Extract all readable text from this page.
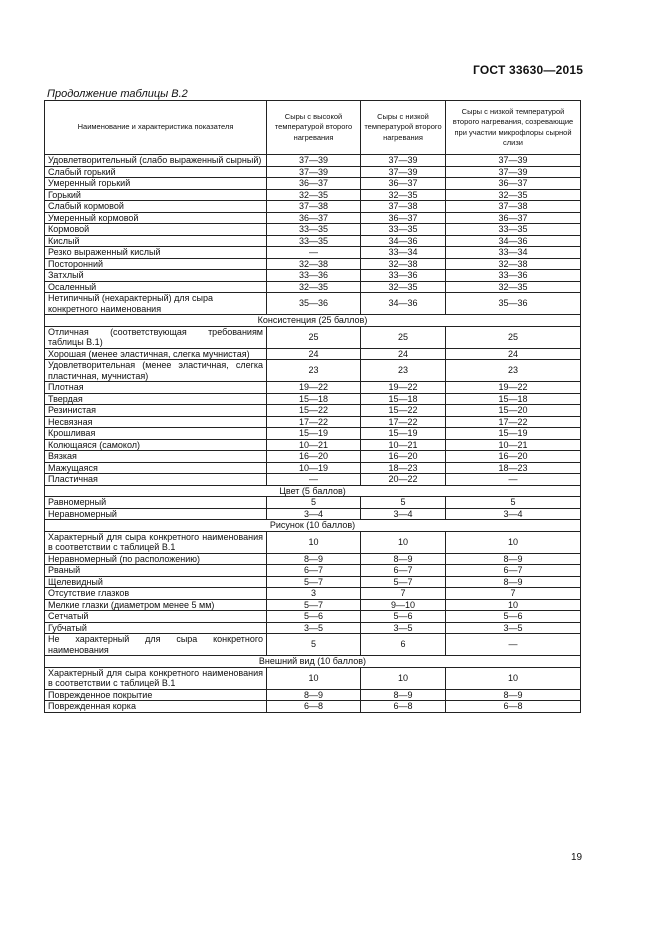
ГОСТ 33630—2015
Продолжение таблицы В.2
Наименование и характеристика показателя	Сыры с высокой температурой второго нагревания	Сыры с низкой температурой второго нагревания	Сыры с низкой температурой второго нагревания, созревающие при участии микрофлоры сырной слизи
Удовлетворительный (слабо выраженный сырный)	37—39	37—39	37—39
Слабый горький	37—39	37—39	37—39
Умеренный горький	36—37	36—37	36—37
Горький	32—35	32—35	32—35
Слабый кормовой	37—38	37—38	37—38
Умеренный кормовой	36—37	36—37	36—37
Кормовой	33—35	33—35	33—35
Кислый	33—35	34—36	34—36
Резко выраженный кислый	—	33—34	33—34
Посторонний	32—38	32—38	32—38
Затхлый	33—36	33—36	33—36
Осаленный	32—35	32—35	32—35
Нетипичный (нехарактерный) для сыра конкретного наименования	35—36	34—36	35—36
Консистенция (25 баллов)			
Отличная (соответствующая требованиям таблицы В.1)	25	25	25
Хорошая (менее эластичная, слегка мучнистая)	24	24	24
Удовлетворительная (менее эластичная, слегка пластичная, мучнистая)	23	23	23
Плотная	19—22	19—22	19—22
Твердая	15—18	15—18	15—18
Резинистая	15—22	15—22	15—20
Несвязная	17—22	17—22	17—22
Крошливая	15—19	15—19	15—19
Колющаяся (самокол)	10—21	10—21	10—21
Вязкая	16—20	16—20	16—20
Мажущаяся	10—19	18—23	18—23
Пластичная	—	20—22	—
Цвет (5 баллов)			
Равномерный	5	5	5
Неравномерный	3—4	3—4	3—4
Рисунок (10 баллов)			
Характерный для сыра конкретного наименования в соответствии с таблицей В.1	10	10	10
Неравномерный (по расположению)	8—9	8—9	8—9
Рваный	6—7	6—7	6—7
Щелевидный	5—7	5—7	8—9
Отсутствие глазков	3	7	7
Мелкие глазки (диаметром менее 5 мм)	5—7	9—10	10
Сетчатый	5—6	5—6	5—6
Губчатый	3—5	3—5	3—5
Не характерный для сыра конкретного наименования	5	6	—
Внешний вид (10 баллов)			
Характерный для сыра конкретного наименования в соответствии с таблицей В.1	10	10	10
Поврежденное покрытие	8—9	8—9	8—9
Поврежденная корка	6—8	6—8	6—8
19
